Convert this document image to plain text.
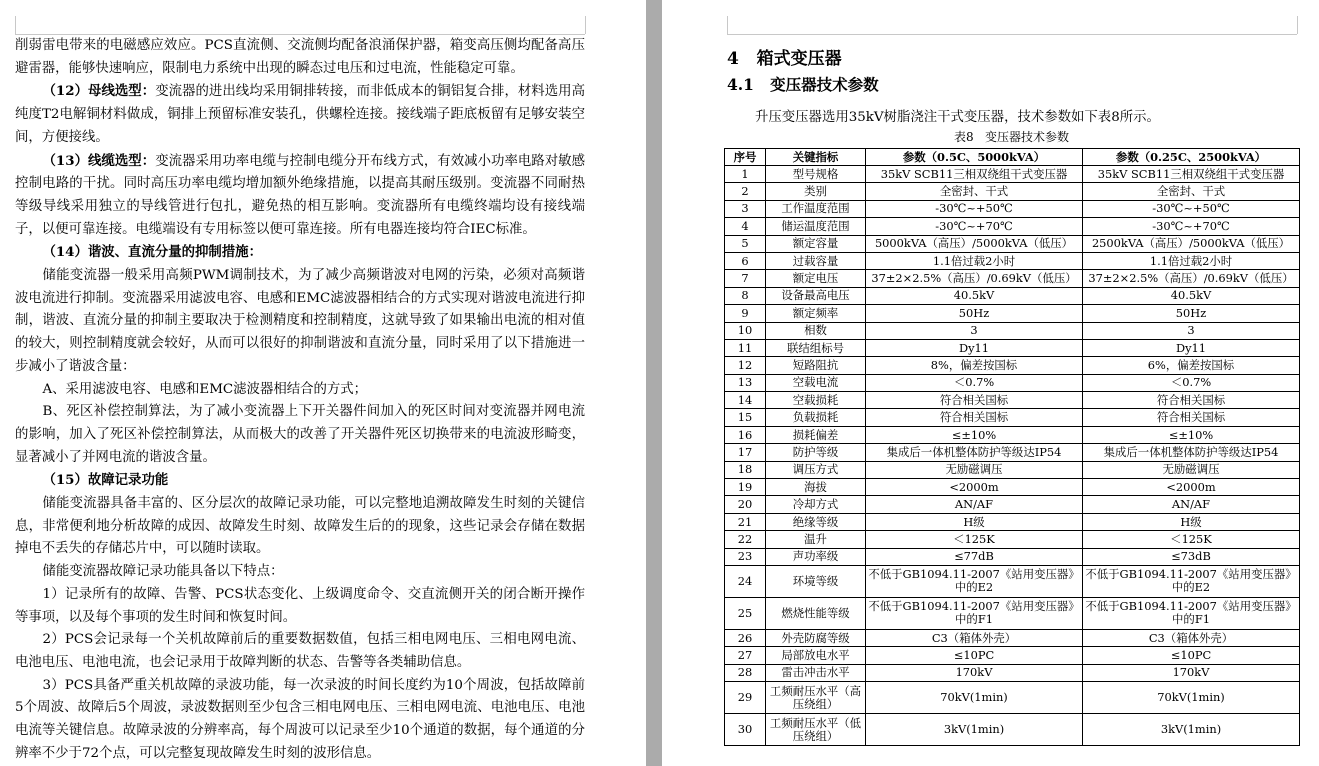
削弱雷电带来的电磁感应效应。PCS直流侧、交流侧均配备浪涌保护器，箱变高压侧均配备高压避雷器，能够快速响应，限制电力系统中出现的瞬态过电压和过电流，性能稳定可靠。

（12）母线选型：变流器的进出线均采用铜排转接，而非低成本的铜铝复合排，材料选用高纯度T2电解铜材料做成，铜排上预留标准安装孔，供螺栓连接。接线端子距底板留有足够安装空间，方便接线。

（13）线缆选型：变流器采用功率电缆与控制电缆分开布线方式，有效减小功率电路对敏感控制电路的干扰。同时高压功率电缆均增加额外绝缘措施，以提高其耐压级别。变流器不同耐热等级导线采用独立的导线管进行包扎，避免热的相互影响。变流器所有电缆终端均设有接线端子，以便可靠连接。电缆端设有专用标签以便可靠连接。所有电器连接均符合IEC标准。

（14）谐波、直流分量的抑制措施：

储能变流器一般采用高频PWM调制技术，为了减少高频谐波对电网的污染，必须对高频谐波电流进行抑制。变流器采用滤波电容、电感和EMC滤波器相结合的方式实现对谐波电流进行抑制，谐波、直流分量的抑制主要取决于检测精度和控制精度，这就导致了如果输出电流的相对值的较大，则控制精度就会较好，从而可以很好的抑制谐波和直流分量，同时采用了以下措施进一步减小了谐波含量：

A、采用滤波电容、电感和EMC滤波器相结合的方式；

B、死区补偿控制算法，为了减小变流器上下开关器件间加入的死区时间对变流器并网电流的影响，加入了死区补偿控制算法，从而极大的改善了开关器件死区切换带来的电流波形畸变，显著减小了并网电流的谐波含量。

（15）故障记录功能

储能变流器具备丰富的、区分层次的故障记录功能，可以完整地追溯故障发生时刻的关键信息，非常便利地分析故障的成因、故障发生时刻、故障发生后的的现象，这些记录会存储在数据掉电不丢失的存储芯片中，可以随时读取。

储能变流器故障记录功能具备以下特点：

1）记录所有的故障、告警、PCS状态变化、上级调度命令、交直流侧开关的闭合断开操作等事项，以及每个事项的发生时间和恢复时间。

2）PCS会记录每一个关机故障前后的重要数据数值，包括三相电网电压、三相电网电流、电池电压、电池电流，也会记录用于故障判断的状态、告警等各类辅助信息。

3）PCS具备严重关机故障的录波功能，每一次录波的时间长度约为10个周波，包括故障前5个周波、故障后5个周波，录波数据则至少包含三相电网电压、三相电网电流、电池电压、电池电流等关键信息。故障录波的分辨率高，每个周波可以记录至少10个通道的数据，每个通道的分辨率不少于72个点，可以完整复现故障发生时刻的波形信息。

4   箱式变压器
4.1   变压器技术参数
升压变压器选用35kV树脂浇注干式变压器，技术参数如下表8所示。
表8   变压器技术参数
序号	关键指标	参数（0.5C、5000kVA）	参数（0.25C、2500kVA）
1	型号规格	35kV SCB11三相双绕组干式变压器	35kV SCB11三相双绕组干式变压器
2	类别	全密封、干式	全密封、干式
3	工作温度范围	-30℃~+50℃	-30℃~+50℃
4	储运温度范围	-30℃~+70℃	-30℃~+70℃
5	额定容量	5000kVA（高压）/5000kVA（低压）	2500kVA（高压）/5000kVA（低压）
6	过载容量	1.1倍过载2小时	1.1倍过载2小时
7	额定电压	37±2×2.5%（高压）/0.69kV（低压）	37±2×2.5%（高压）/0.69kV（低压）
8	设备最高电压	40.5kV	40.5kV
9	额定频率	50Hz	50Hz
10	相数	3	3
11	联结组标号	Dy11	Dy11
12	短路阻抗	8%，偏差按国标	6%，偏差按国标
13	空载电流	＜0.7%	＜0.7%
14	空载损耗	符合相关国标	符合相关国标
15	负载损耗	符合相关国标	符合相关国标
16	损耗偏差	≤±10%	≤±10%
17	防护等级	集成后一体机整体防护等级达IP54	集成后一体机整体防护等级达IP54
18	调压方式	无励磁调压	无励磁调压
19	海拔	<2000m	<2000m
20	冷却方式	AN/AF	AN/AF
21	绝缘等级	H级	H级
22	温升	＜125K	＜125K
23	声功率级	≤77dB	≤73dB
24	环境等级	不低于GB1094.11-2007《站用变压器》中的E2	不低于GB1094.11-2007《站用变压器》中的E2
25	燃烧性能等级	不低于GB1094.11-2007《站用变压器》中的F1	不低于GB1094.11-2007《站用变压器》中的F1
26	外壳防腐等级	C3（箱体外壳）	C3（箱体外壳）
27	局部放电水平	≤10PC	≤10PC
28	雷击冲击水平	170kV	170kV
29	工频耐压水平（高压绕组）	70kV(1min)	70kV(1min)
30	工频耐压水平（低压绕组）	3kV(1min)	3kV(1min)
